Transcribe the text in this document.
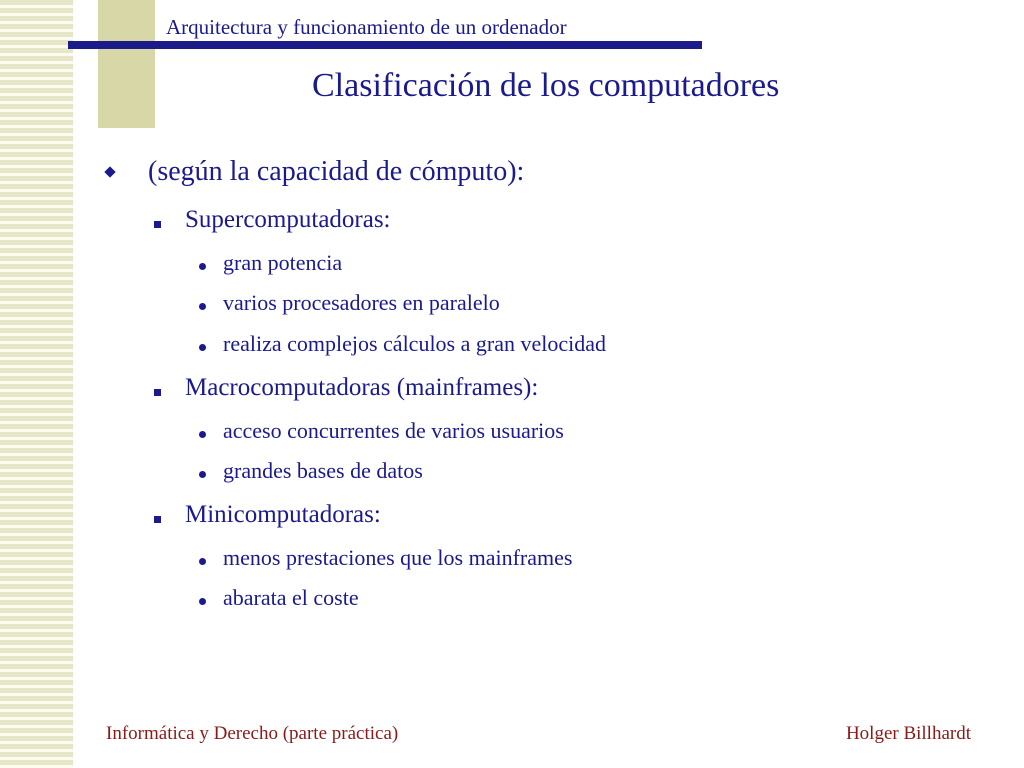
Arquitectura y funcionamiento de un ordenador
Clasificación de los computadores
(según la capacidad de cómputo):
Supercomputadoras:
gran potencia
varios procesadores en paralelo
realiza complejos cálculos a gran velocidad
Macrocomputadoras (mainframes):
acceso concurrentes de varios usuarios
grandes bases de datos
Minicomputadoras:
menos prestaciones que los mainframes
abarata el coste
Informática y Derecho (parte práctica)	Holger Billhardt
